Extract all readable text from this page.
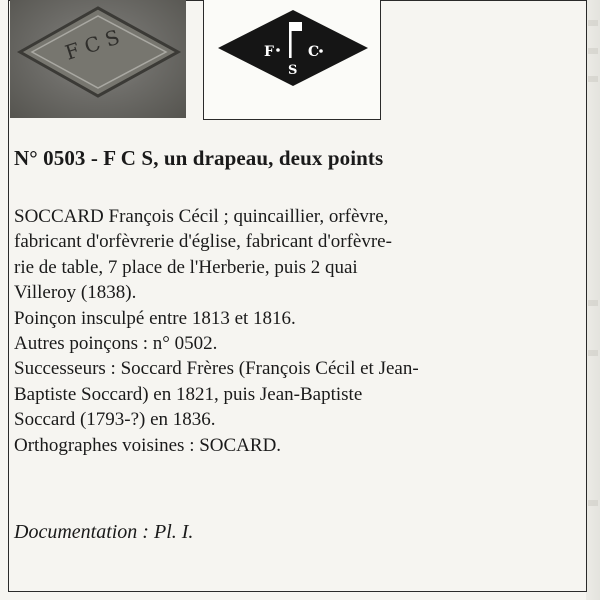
F C S	F C
S
N° 0503 - F C S, un drapeau, deux points
SOCCARD François Cécil ; quincaillier, orfèvre,
fabricant d'orfèvrerie d'église, fabricant d'orfèvre-
rie de table, 7 place de l'Herberie, puis 2 quai
Villeroy (1838).
Poinçon insculpé entre 1813 et 1816.
Autres poinçons : n° 0502.
Successeurs : Soccard Frères (François Cécil et Jean-
Baptiste Soccard) en 1821, puis Jean-Baptiste
Soccard (1793-?) en 1836.
Orthographes voisines : SOCARD.
Documentation : Pl. I.
